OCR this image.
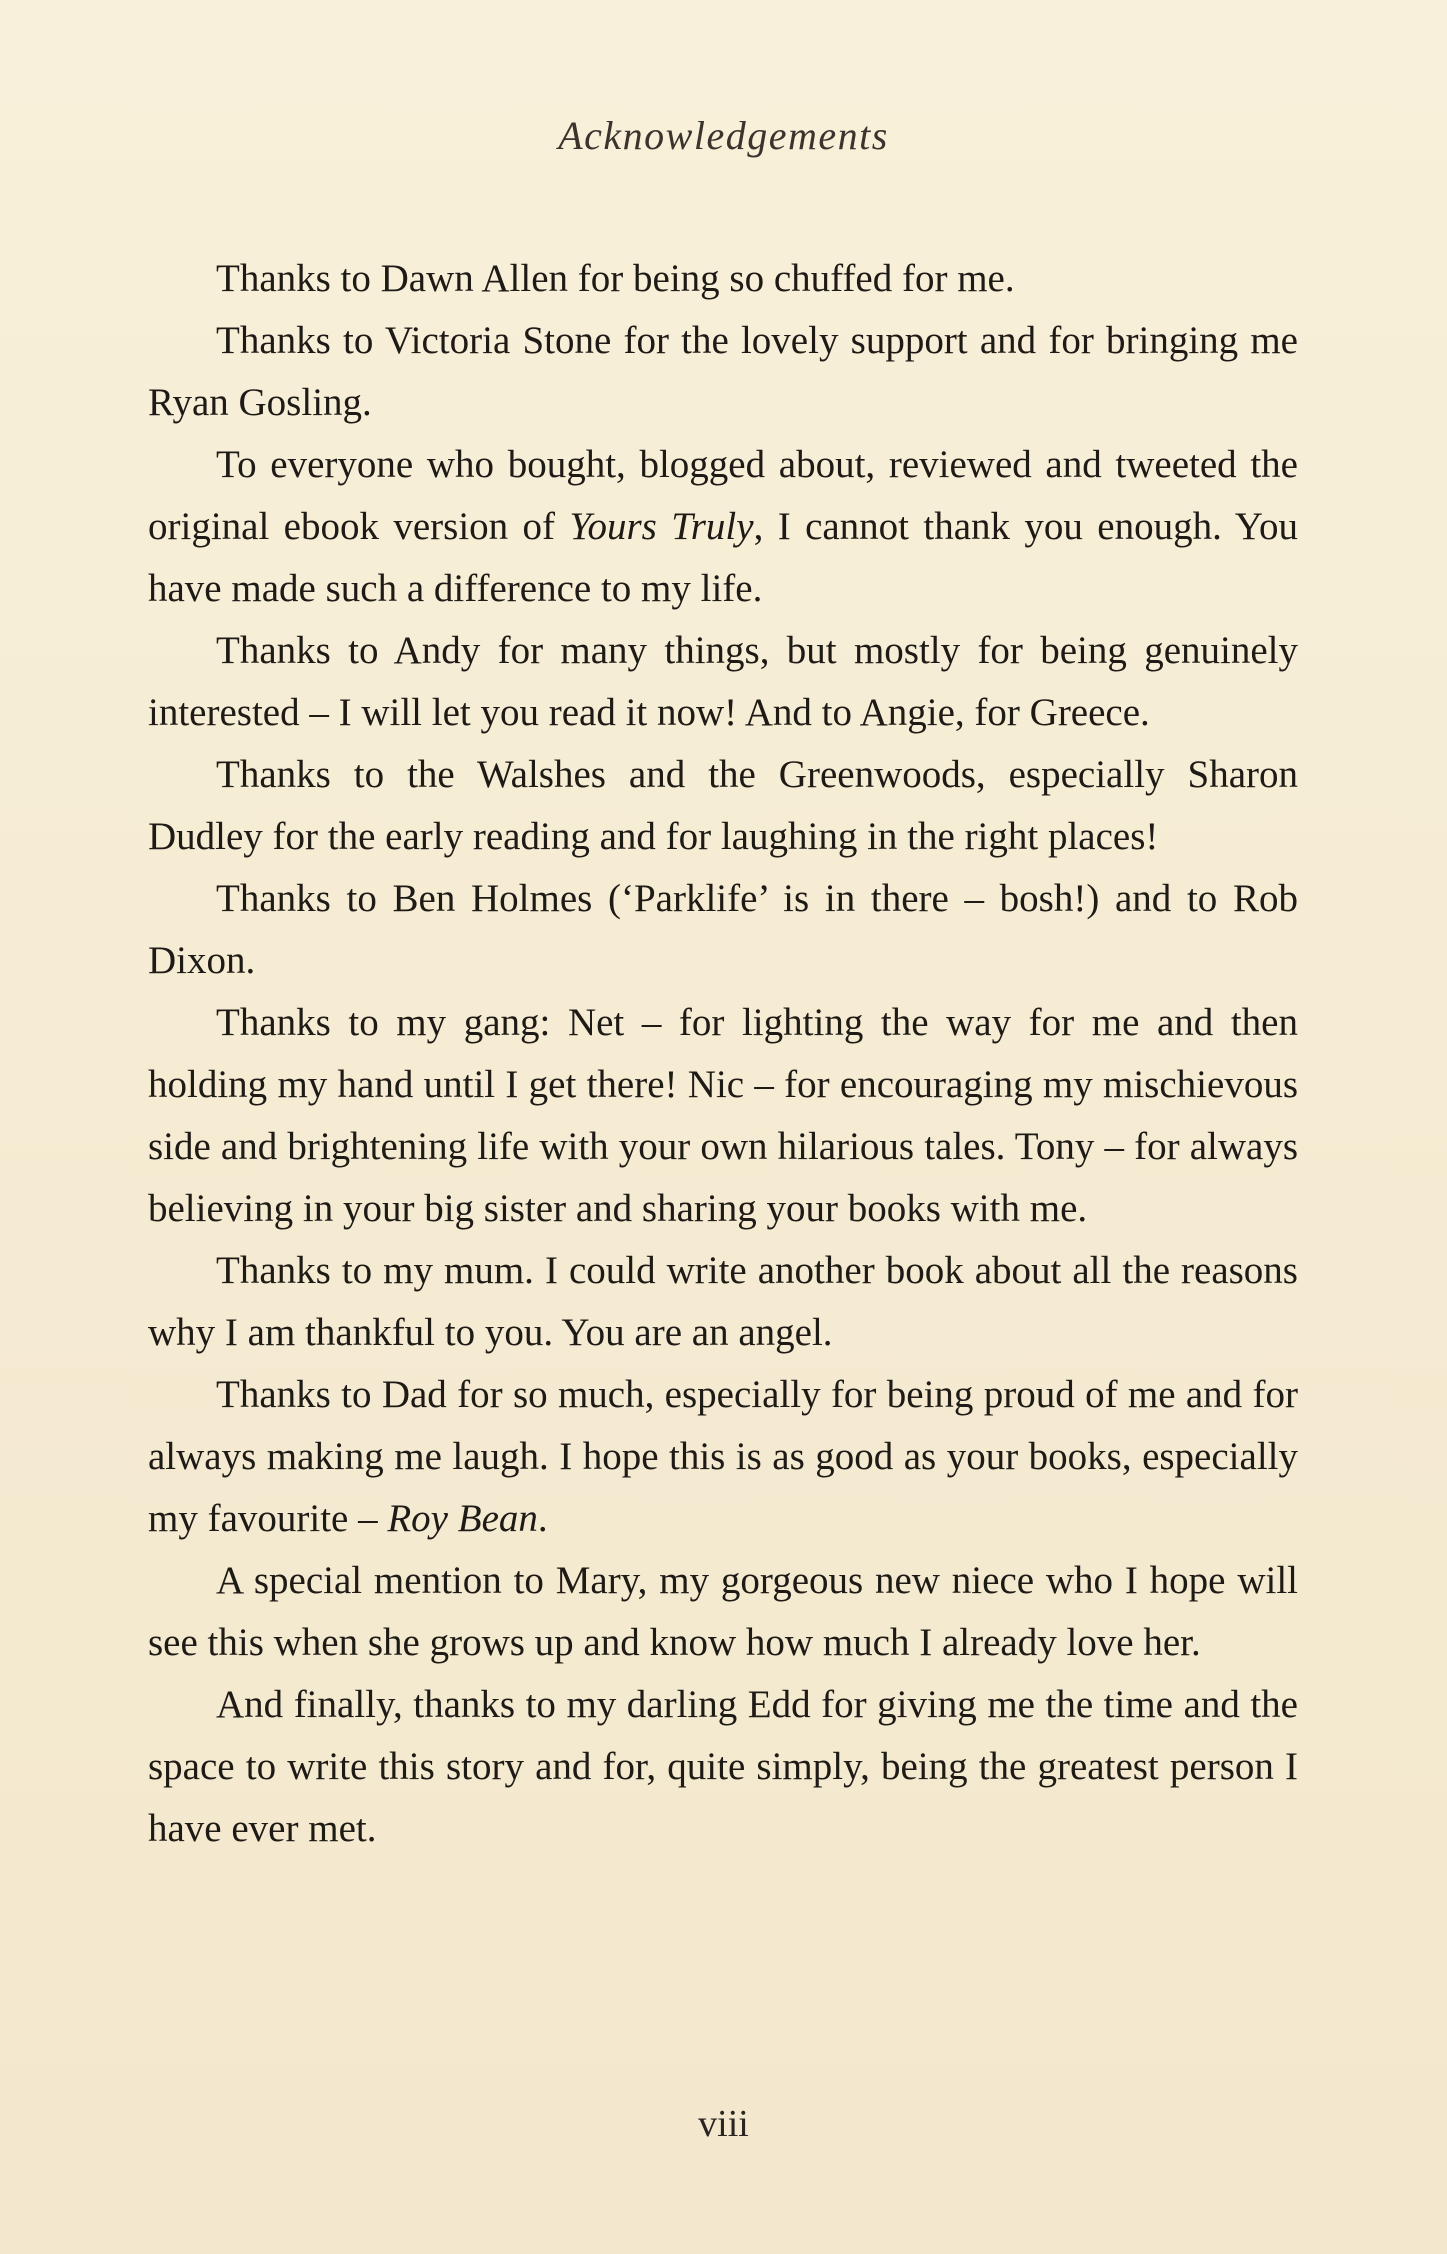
Acknowledgements

Thanks to Dawn Allen for being so chuffed for me.

Thanks to Victoria Stone for the lovely support and for bringing me Ryan Gosling.

To everyone who bought, blogged about, reviewed and tweeted the original ebook version of Yours Truly, I cannot thank you enough. You have made such a difference to my life.

Thanks to Andy for many things, but mostly for being genuinely interested – I will let you read it now! And to Angie, for Greece.

Thanks to the Walshes and the Greenwoods, especially Sharon Dudley for the early reading and for laughing in the right places!

Thanks to Ben Holmes (‘Parklife’ is in there – bosh!) and to Rob Dixon.

Thanks to my gang: Net – for lighting the way for me and then holding my hand until I get there! Nic – for encouraging my mischievous side and brightening life with your own hilarious tales. Tony – for always believing in your big sister and sharing your books with me.

Thanks to my mum. I could write another book about all the reasons why I am thankful to you. You are an angel.

Thanks to Dad for so much, especially for being proud of me and for always making me laugh. I hope this is as good as your books, especially my favourite – Roy Bean.

A special mention to Mary, my gorgeous new niece who I hope will see this when she grows up and know how much I already love her.

And finally, thanks to my darling Edd for giving me the time and the space to write this story and for, quite simply, being the greatest person I have ever met.

viii
